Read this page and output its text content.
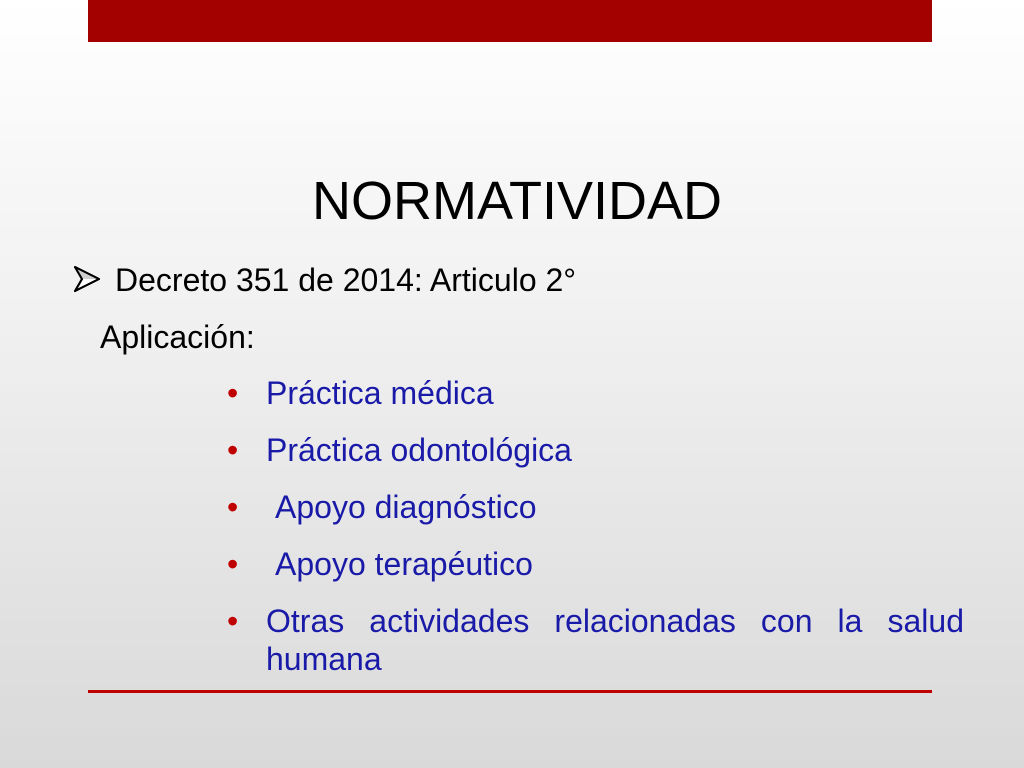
NORMATIVIDAD
Decreto 351 de 2014: Articulo 2°
Aplicación:
• Práctica médica
• Práctica odontológica
• Apoyo diagnóstico
• Apoyo terapéutico
• Otras actividades relacionadas con la salud humana
